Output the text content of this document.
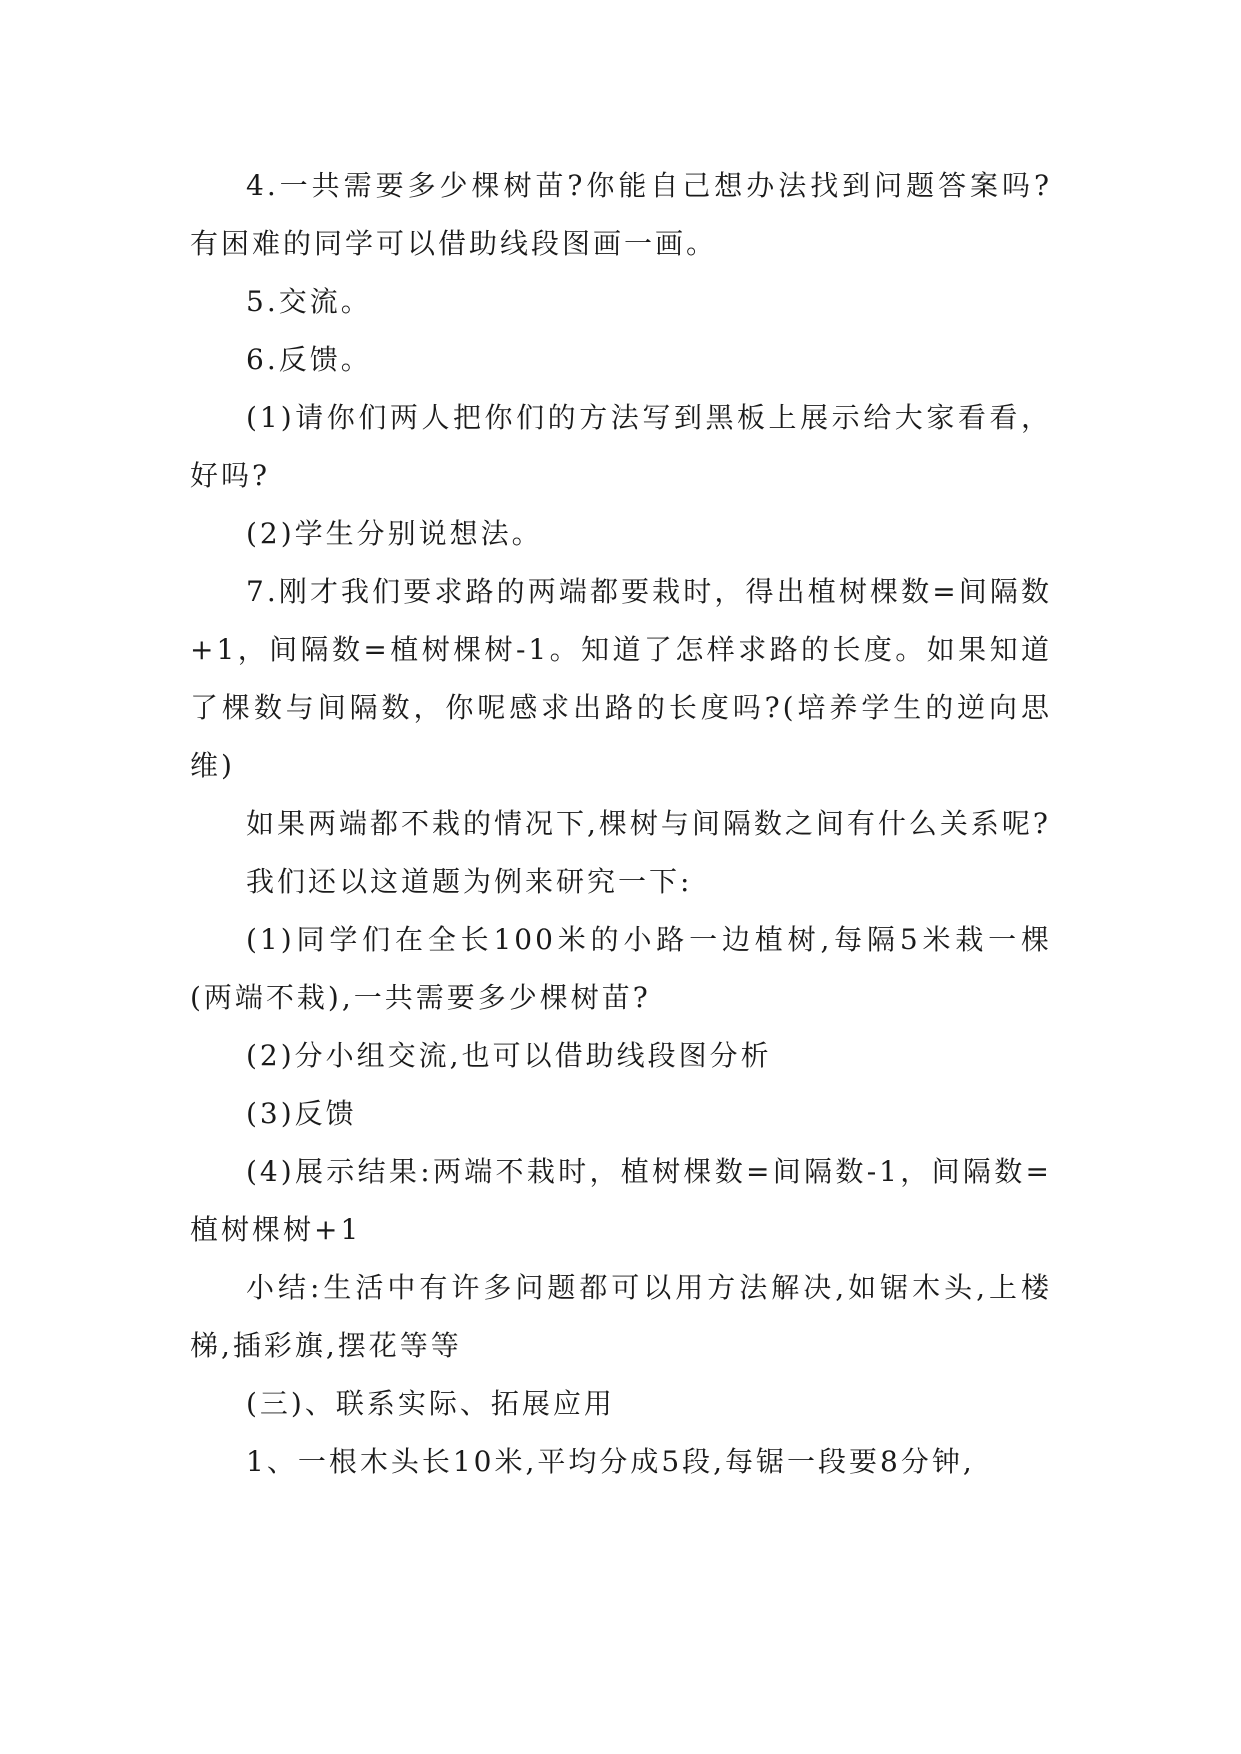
4.一共需要多少棵树苗?你能自己想办法找到问题答案吗?有困难的同学可以借助线段图画一画。

5.交流。

6.反馈。

(1)请你们两人把你们的方法写到黑板上展示给大家看看，好吗?

(2)学生分别说想法。

7.刚才我们要求路的两端都要栽时，得出植树棵数=间隔数+1，间隔数=植树棵树-1。知道了怎样求路的长度。如果知道了棵数与间隔数，你呢感求出路的长度吗?(培养学生的逆向思维)

如果两端都不栽的情况下,棵树与间隔数之间有什么关系呢?

我们还以这道题为例来研究一下:

(1)同学们在全长100米的小路一边植树,每隔5米栽一棵(两端不栽),一共需要多少棵树苗?

(2)分小组交流,也可以借助线段图分析

(3)反馈

(4)展示结果:两端不栽时，植树棵数=间隔数-1，间隔数=植树棵树+1

小结:生活中有许多问题都可以用方法解决,如锯木头,上楼梯,插彩旗,摆花等等

(三)、联系实际、拓展应用

1、一根木头长10米,平均分成5段,每锯一段要8分钟,
